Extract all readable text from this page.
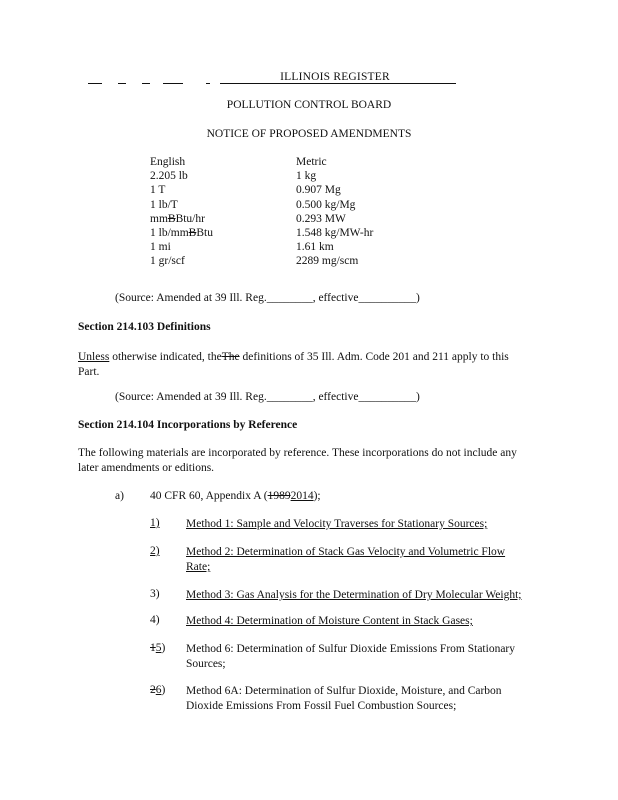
ILLINOIS REGISTER
POLLUTION CONTROL BOARD
NOTICE OF PROPOSED AMENDMENTS
English	Metric
2.205 lb	1 kg
1 T	0.907 Mg
1 lb/T	0.500 kg/Mg
mmBBtu/hr	0.293 MW
1 lb/mmBBtu	1.548 kg/MW-hr
1 mi	1.61 km
1 gr/scf	2289 mg/scm
(Source: Amended at 39 Ill. Reg.________, effective__________)
Section 214.103 Definitions
Unless otherwise indicated, theThe definitions of 35 Ill. Adm. Code 201 and 211 apply to this
Part.
(Source: Amended at 39 Ill. Reg.________, effective__________)
Section 214.104 Incorporations by Reference
The following materials are incorporated by reference. These incorporations do not include any
later amendments or editions.
a) 40 CFR 60, Appendix A (19892014);
1) Method 1: Sample and Velocity Traverses for Stationary Sources;
2) Method 2: Determination of Stack Gas Velocity and Volumetric Flow
Rate;
3) Method 3: Gas Analysis for the Determination of Dry Molecular Weight;
4) Method 4: Determination of Moisture Content in Stack Gases;
15) Method 6: Determination of Sulfur Dioxide Emissions From Stationary
Sources;
26) Method 6A: Determination of Sulfur Dioxide, Moisture, and Carbon
Dioxide Emissions From Fossil Fuel Combustion Sources;
